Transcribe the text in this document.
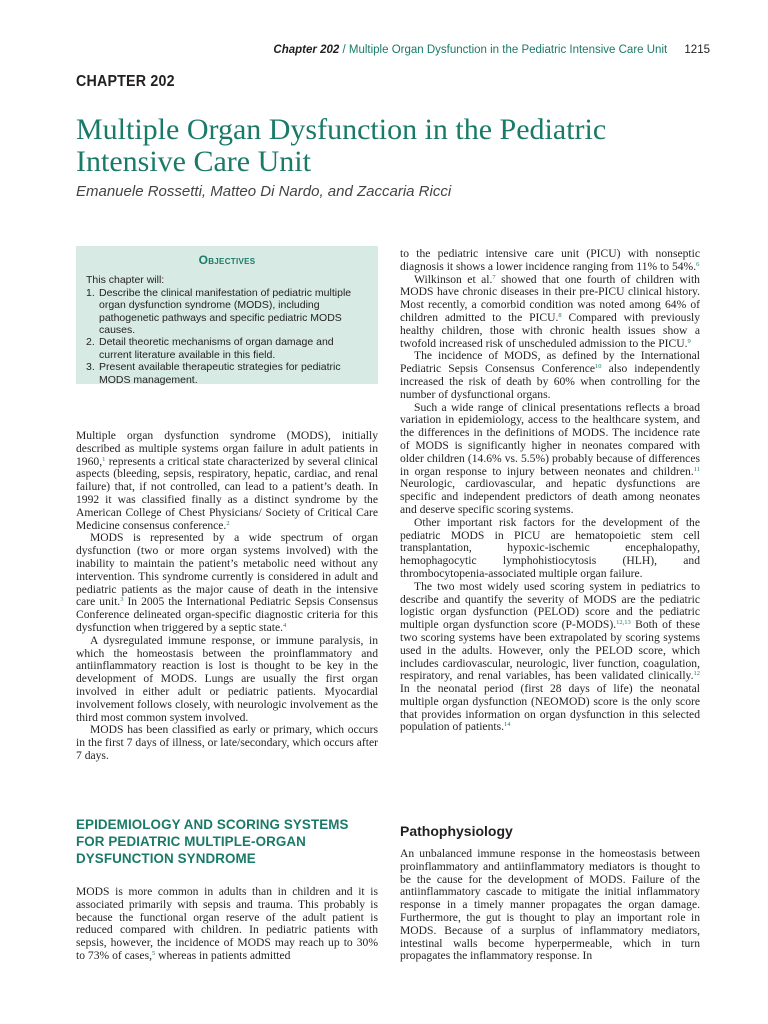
Chapter 202 / Multiple Organ Dysfunction in the Pediatric Intensive Care Unit 1215
CHAPTER 202
Multiple Organ Dysfunction in the Pediatric Intensive Care Unit
Emanuele Rossetti, Matteo Di Nardo, and Zaccaria Ricci
Objectives

This chapter will:

1. Describe the clinical manifestation of pediatric multiple organ dysfunction syndrome (MODS), including pathogenetic pathways and specific pediatric MODS causes.
2. Detail theoretic mechanisms of organ damage and current literature available in this field.
3. Present available therapeutic strategies for pediatric MODS management.

Multiple organ dysfunction syndrome (MODS), initially described as multiple systems organ failure in adult patients in 1960,$^1$ represents a critical state characterized by several clinical aspects (bleeding, sepsis, respiratory, hepatic, cardiac, and renal failure) that, if not controlled, can lead to a patient’s death. In 1992 it was classified finally as a distinct syndrome by the American College of Chest Physicians/ Society of Critical Care Medicine consensus conference.$^2$

MODS is represented by a wide spectrum of organ dysfunction (two or more organ systems involved) with the inability to maintain the patient’s metabolic need without any intervention. This syndrome currently is considered in adult and pediatric patients as the major cause of death in the intensive care unit.$^3$ In 2005 the International Pediatric Sepsis Consensus Conference delineated organ-specific diagnostic criteria for this dysfunction when triggered by a septic state.$^4$

A dysregulated immune response, or immune paralysis, in which the homeostasis between the proinflammatory and antiinflammatory reaction is lost is thought to be key in the development of MODS. Lungs are usually the first organ involved in either adult or pediatric patients. Myocardial involvement follows closely, with neurologic involvement as the third most common system involved.

MODS has been classified as early or primary, which occurs in the first 7 days of illness, or late/secondary, which occurs after 7 days.

EPIDEMIOLOGY AND SCORING SYSTEMS FOR PEDIATRIC MULTIPLE-ORGAN DYSFUNCTION SYNDROME

MODS is more common in adults than in children and it is associated primarily with sepsis and trauma. This probably is because the functional organ reserve of the adult patient is reduced compared with children. In pediatric patients with sepsis, however, the incidence of MODS may reach up to 30% to 73% of cases,$^5$ whereas in patients admitted

to the pediatric intensive care unit (PICU) with nonseptic diagnosis it shows a lower incidence ranging from 11% to 54%.$^6$

Wilkinson et al.$^7$ showed that one fourth of children with MODS have chronic diseases in their pre-PICU clinical history. Most recently, a comorbid condition was noted among 64% of children admitted to the PICU.$^8$ Compared with previously healthy children, those with chronic health issues show a twofold increased risk of unscheduled admission to the PICU.$^9$

The incidence of MODS, as defined by the International Pediatric Sepsis Consensus Conference$^{10}$ also independently increased the risk of death by 60% when controlling for the number of dysfunctional organs.

Such a wide range of clinical presentations reflects a broad variation in epidemiology, access to the healthcare system, and the differences in the definitions of MODS. The incidence rate of MODS is significantly higher in neonates compared with older children (14.6% vs. 5.5%) probably because of differences in organ response to injury between neonates and children.$^{11}$ Neurologic, cardiovascular, and hepatic dysfunctions are specific and independent predictors of death among neonates and deserve specific scoring systems.

Other important risk factors for the development of the pediatric MODS in PICU are hematopoietic stem cell transplantation, hypoxic-ischemic encephalopathy, hemophagocytic lymphohistiocytosis (HLH), and thrombocytopenia-associated multiple organ failure.

The two most widely used scoring system in pediatrics to describe and quantify the severity of MODS are the pediatric logistic organ dysfunction (PELOD) score and the pediatric multiple organ dysfunction score (P-MODS).$^{12,13}$ Both of these two scoring systems have been extrapolated by scoring systems used in the adults. However, only the PELOD score, which includes cardiovascular, neurologic, liver function, coagulation, respiratory, and renal variables, has been validated clinically.$^{12}$ In the neonatal period (first 28 days of life) the neonatal multiple organ dysfunction (NEOMOD) score is the only score that provides information on organ dysfunction in this selected population of patients.$^{14}$

Pathophysiology

An unbalanced immune response in the homeostasis between proinflammatory and antiinflammatory mediators is thought to be the cause for the development of MODS. Failure of the antiinflammatory cascade to mitigate the initial inflammatory response in a timely manner propagates the organ damage. Furthermore, the gut is thought to play an important role in MODS. Because of a surplus of inflammatory mediators, intestinal walls become hyperpermeable, which in turn propagates the inflammatory response. In
